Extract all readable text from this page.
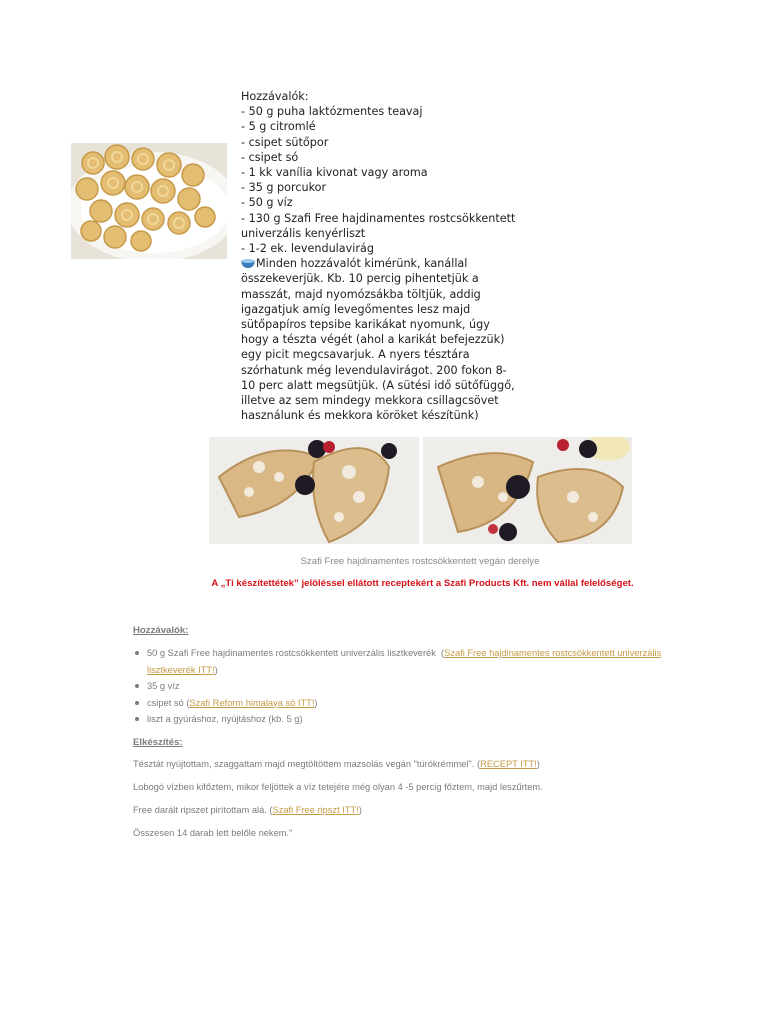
Hozzávalók:
- 50 g puha laktózmentes teavaj
- 5 g citromlé
- csipet sütőpor
- csipet só
- 1 kk vanília kivonat vagy aroma
- 35 g porcukor
- 50 g víz
- 130 g Szafi Free hajdinamentes rostcsökkentett univerzális kenyérliszt
- 1-2 ek. levendulavirág
Minden hozzávalót kimérünk, kanállal összekeverjük. Kb. 10 percig pihentetjük a masszát, majd nyomózsákba töltjük, addig igazgatjuk amíg levegőmentes lesz majd sütőpapíros tepsibe karikákat nyomunk, úgy hogy a tészta végét (ahol a karikát befejezzük) egy picit megcsavarjuk. A nyers tésztára szórhatunk még levendulavirágot. 200 fokon 8-10 perc alatt megsütjük. (A sütési idő sütőfüggő, illetve az sem mindegy mekkora csillagcsövet használunk és mekkora köröket készítünk)
Szafi Free hajdinamentes rostcsökkentett vegán derelye
A „Ti készítettétek” jelöléssel ellátott receptekért a Szafi Products Kft. nem vállal felelőséget.
Hozzávalók:
50 g Szafi Free hajdinamentes rostcsökkentett univerzális lisztkeverék  (Szafi Free hajdinamentes rostcsökkentett univerzális lisztkeverék ITT!)
35 g víz
csipet só (Szafi Reform himalaya só ITT!)
liszt a gyúráshoz, nyújtáshoz (kb. 5 g)
Elkészítés:
Tésztát nyújtottam, szaggattam majd megtöltöttem mazsolás vegán "túrókrémmel". (RECEPT ITT!)
Lobogó vízben kifőztem, mikor feljöttek a víz tetejére még olyan 4 -5 percig főztem, majd leszűrtem.
Free darált ripszet pirítottam alá. (Szafi Free ripszt ITT!)
Összesen 14 darab lett belőle nekem."
